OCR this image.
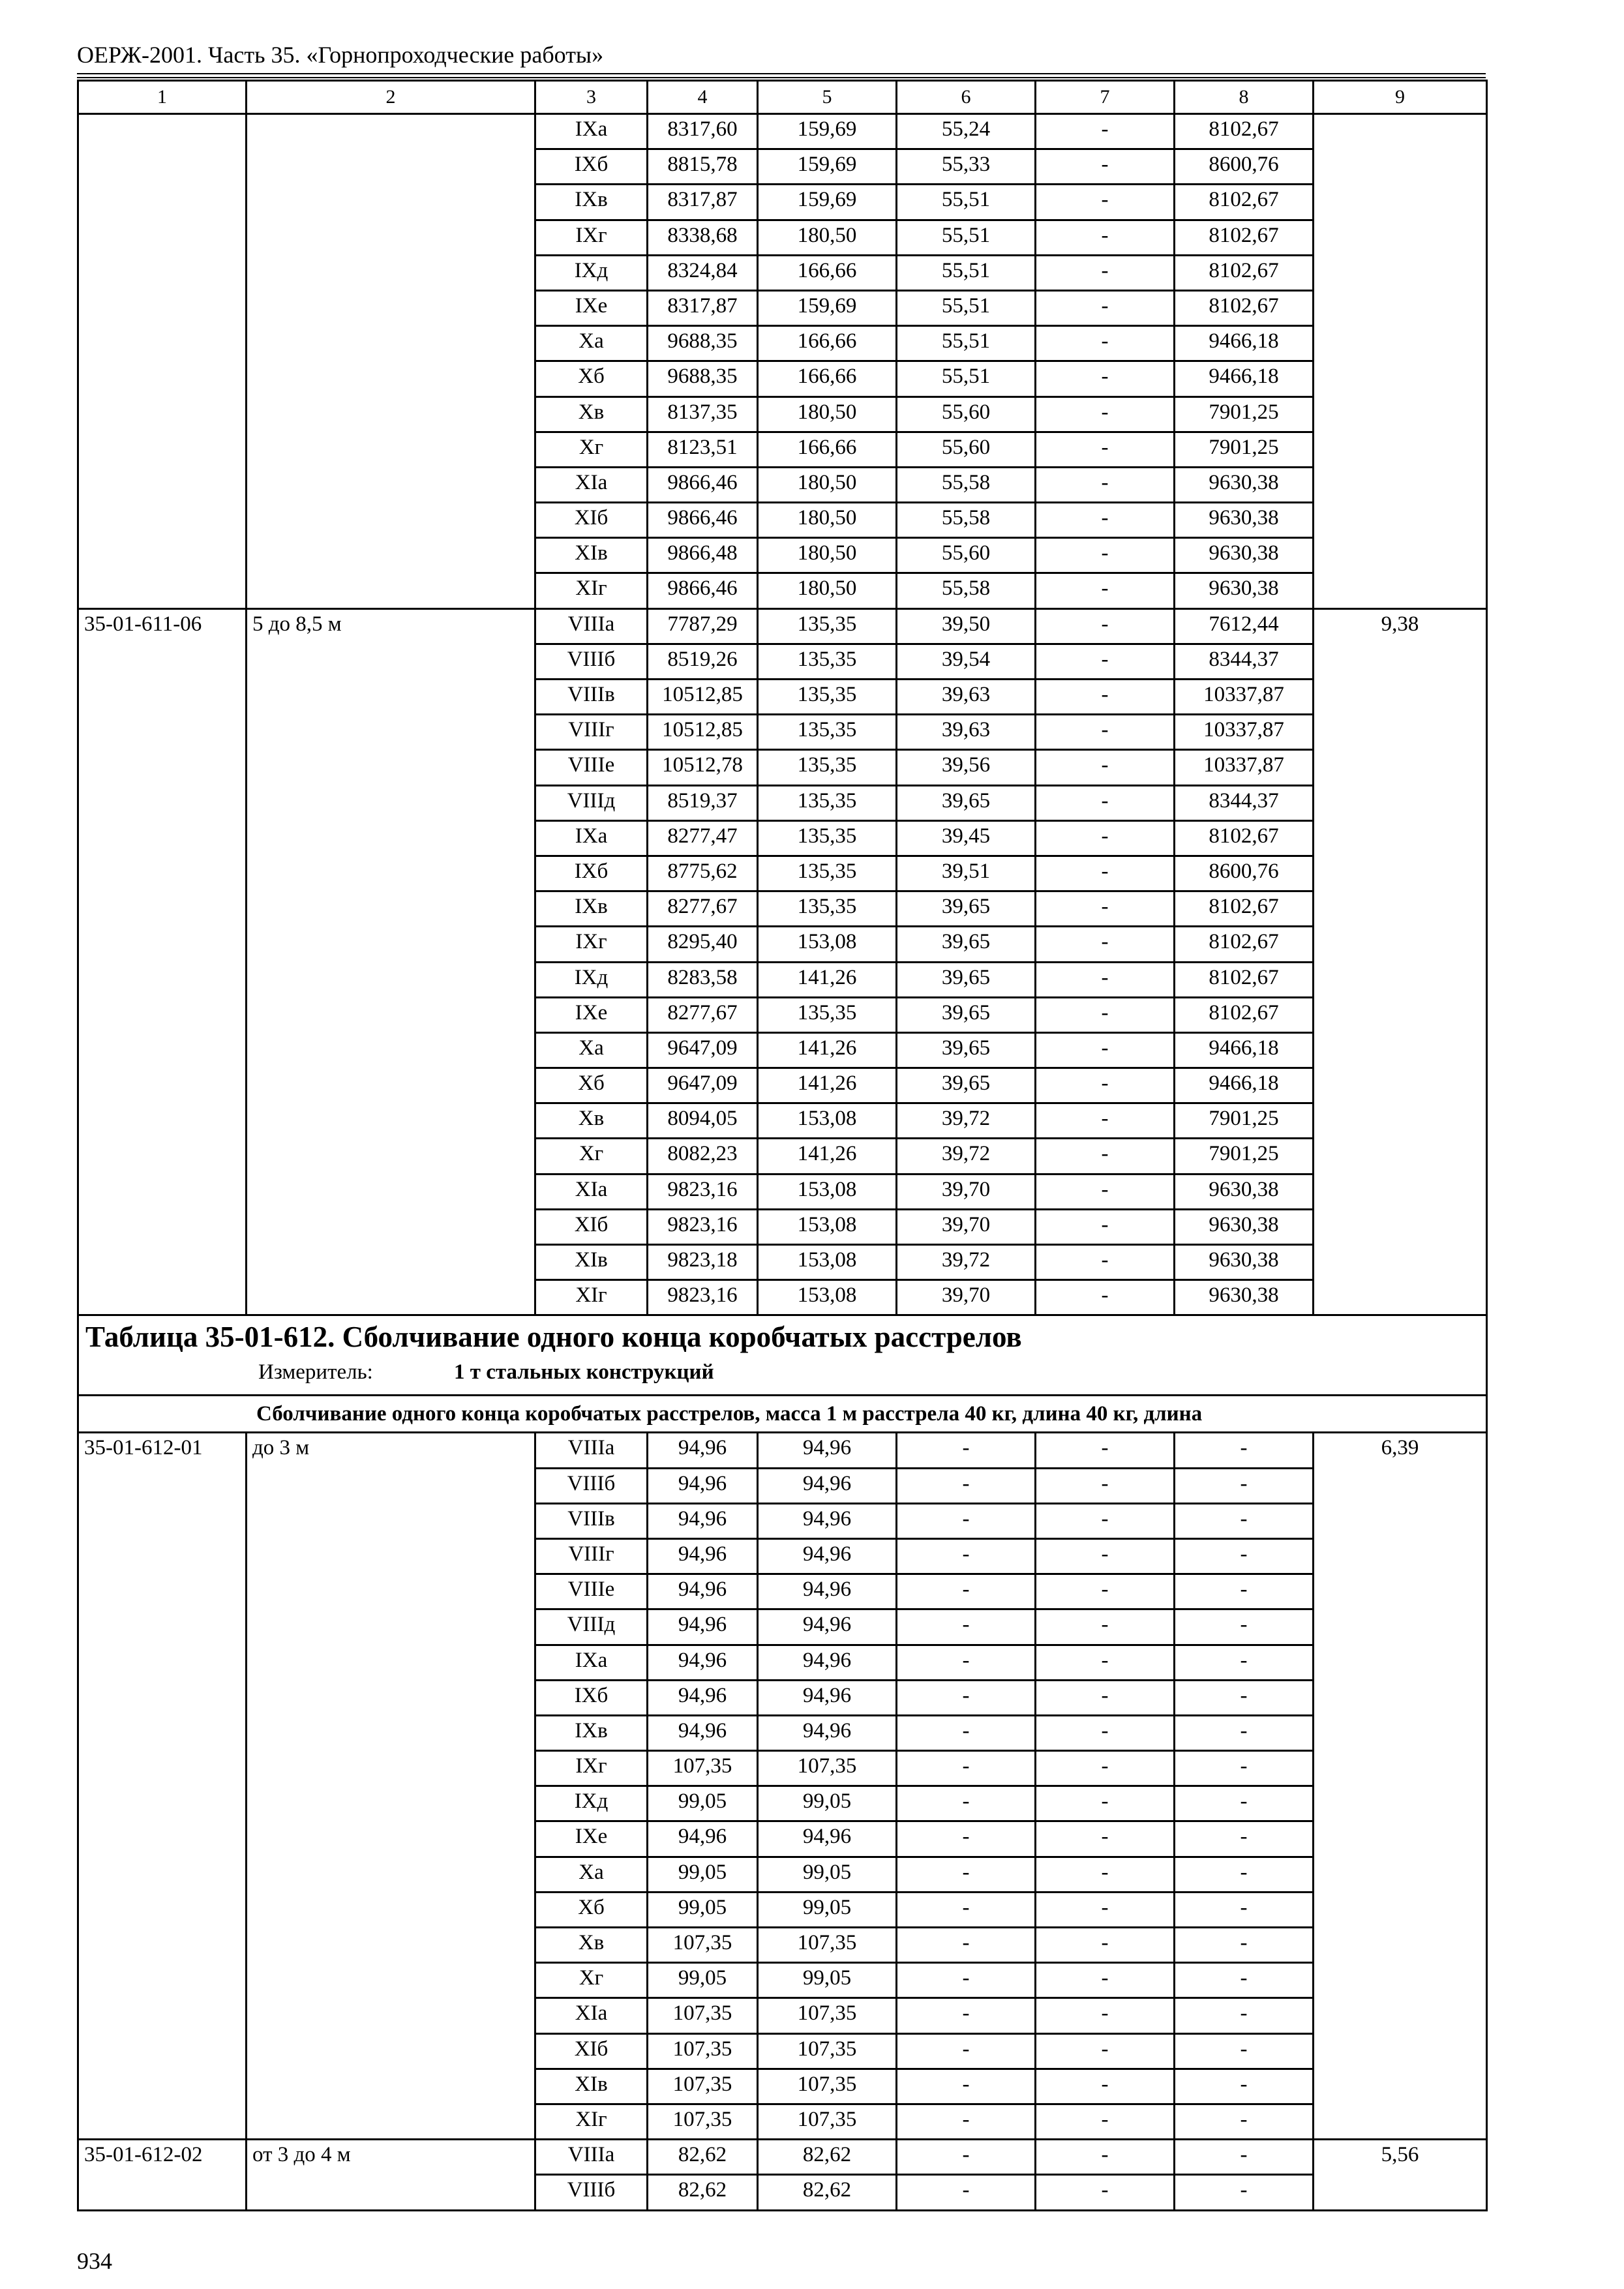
ОЕРЖ-2001. Часть 35. «Горнопроходческие работы»
1	2	3	4	5	6	7	8	9
		IXа	8317,60	159,69	55,24	-	8102,67	
		IXб	8815,78	159,69	55,33	-	8600,76	
		IXв	8317,87	159,69	55,51	-	8102,67	
		IXг	8338,68	180,50	55,51	-	8102,67	
		IXд	8324,84	166,66	55,51	-	8102,67	
		IXе	8317,87	159,69	55,51	-	8102,67	
		Xа	9688,35	166,66	55,51	-	9466,18	
		Xб	9688,35	166,66	55,51	-	9466,18	
		Xв	8137,35	180,50	55,60	-	7901,25	
		Xг	8123,51	166,66	55,60	-	7901,25	
		XIа	9866,46	180,50	55,58	-	9630,38	
		XIб	9866,46	180,50	55,58	-	9630,38	
		XIв	9866,48	180,50	55,60	-	9630,38	
		XIг	9866,46	180,50	55,58	-	9630,38	
35-01-611-06	5 до 8,5 м	VIIIа	7787,29	135,35	39,50	-	7612,44	9,38
		VIIIб	8519,26	135,35	39,54	-	8344,37	
		VIIIв	10512,85	135,35	39,63	-	10337,87	
		VIIIг	10512,85	135,35	39,63	-	10337,87	
		VIIIе	10512,78	135,35	39,56	-	10337,87	
		VIIIд	8519,37	135,35	39,65	-	8344,37	
		IXа	8277,47	135,35	39,45	-	8102,67	
		IXб	8775,62	135,35	39,51	-	8600,76	
		IXв	8277,67	135,35	39,65	-	8102,67	
		IXг	8295,40	153,08	39,65	-	8102,67	
		IXд	8283,58	141,26	39,65	-	8102,67	
		IXе	8277,67	135,35	39,65	-	8102,67	
		Xа	9647,09	141,26	39,65	-	9466,18	
		Xб	9647,09	141,26	39,65	-	9466,18	
		Xв	8094,05	153,08	39,72	-	7901,25	
		Xг	8082,23	141,26	39,72	-	7901,25	
		XIа	9823,16	153,08	39,70	-	9630,38	
		XIб	9823,16	153,08	39,70	-	9630,38	
		XIв	9823,18	153,08	39,72	-	9630,38	
		XIг	9823,16	153,08	39,70	-	9630,38	

Таблица 35-01-612. Сболчивание одного конца коробчатых расстрелов
Измеритель: 1 т стальных конструкций								

Сболчивание одного конца коробчатых расстрелов, масса 1 м расстрела 40 кг, длина 40 кг, длина								
35-01-612-01	до 3 м	VIIIа	94,96	94,96	-	-	-	6,39
		VIIIб	94,96	94,96	-	-	-	
		VIIIв	94,96	94,96	-	-	-	
		VIIIг	94,96	94,96	-	-	-	
		VIIIе	94,96	94,96	-	-	-	
		VIIIд	94,96	94,96	-	-	-	
		IXа	94,96	94,96	-	-	-	
		IXб	94,96	94,96	-	-	-	
		IXв	94,96	94,96	-	-	-	
		IXг	107,35	107,35	-	-	-	
		IXд	99,05	99,05	-	-	-	
		IXе	94,96	94,96	-	-	-	
		Xа	99,05	99,05	-	-	-	
		Xб	99,05	99,05	-	-	-	
		Xв	107,35	107,35	-	-	-	
		Xг	99,05	99,05	-	-	-	
		XIа	107,35	107,35	-	-	-	
		XIб	107,35	107,35	-	-	-	
		XIв	107,35	107,35	-	-	-	
		XIг	107,35	107,35	-	-	-	
35-01-612-02	от 3 до 4 м	VIIIа	82,62	82,62	-	-	-	5,56
		VIIIб	82,62	82,62	-	-	-	
934
